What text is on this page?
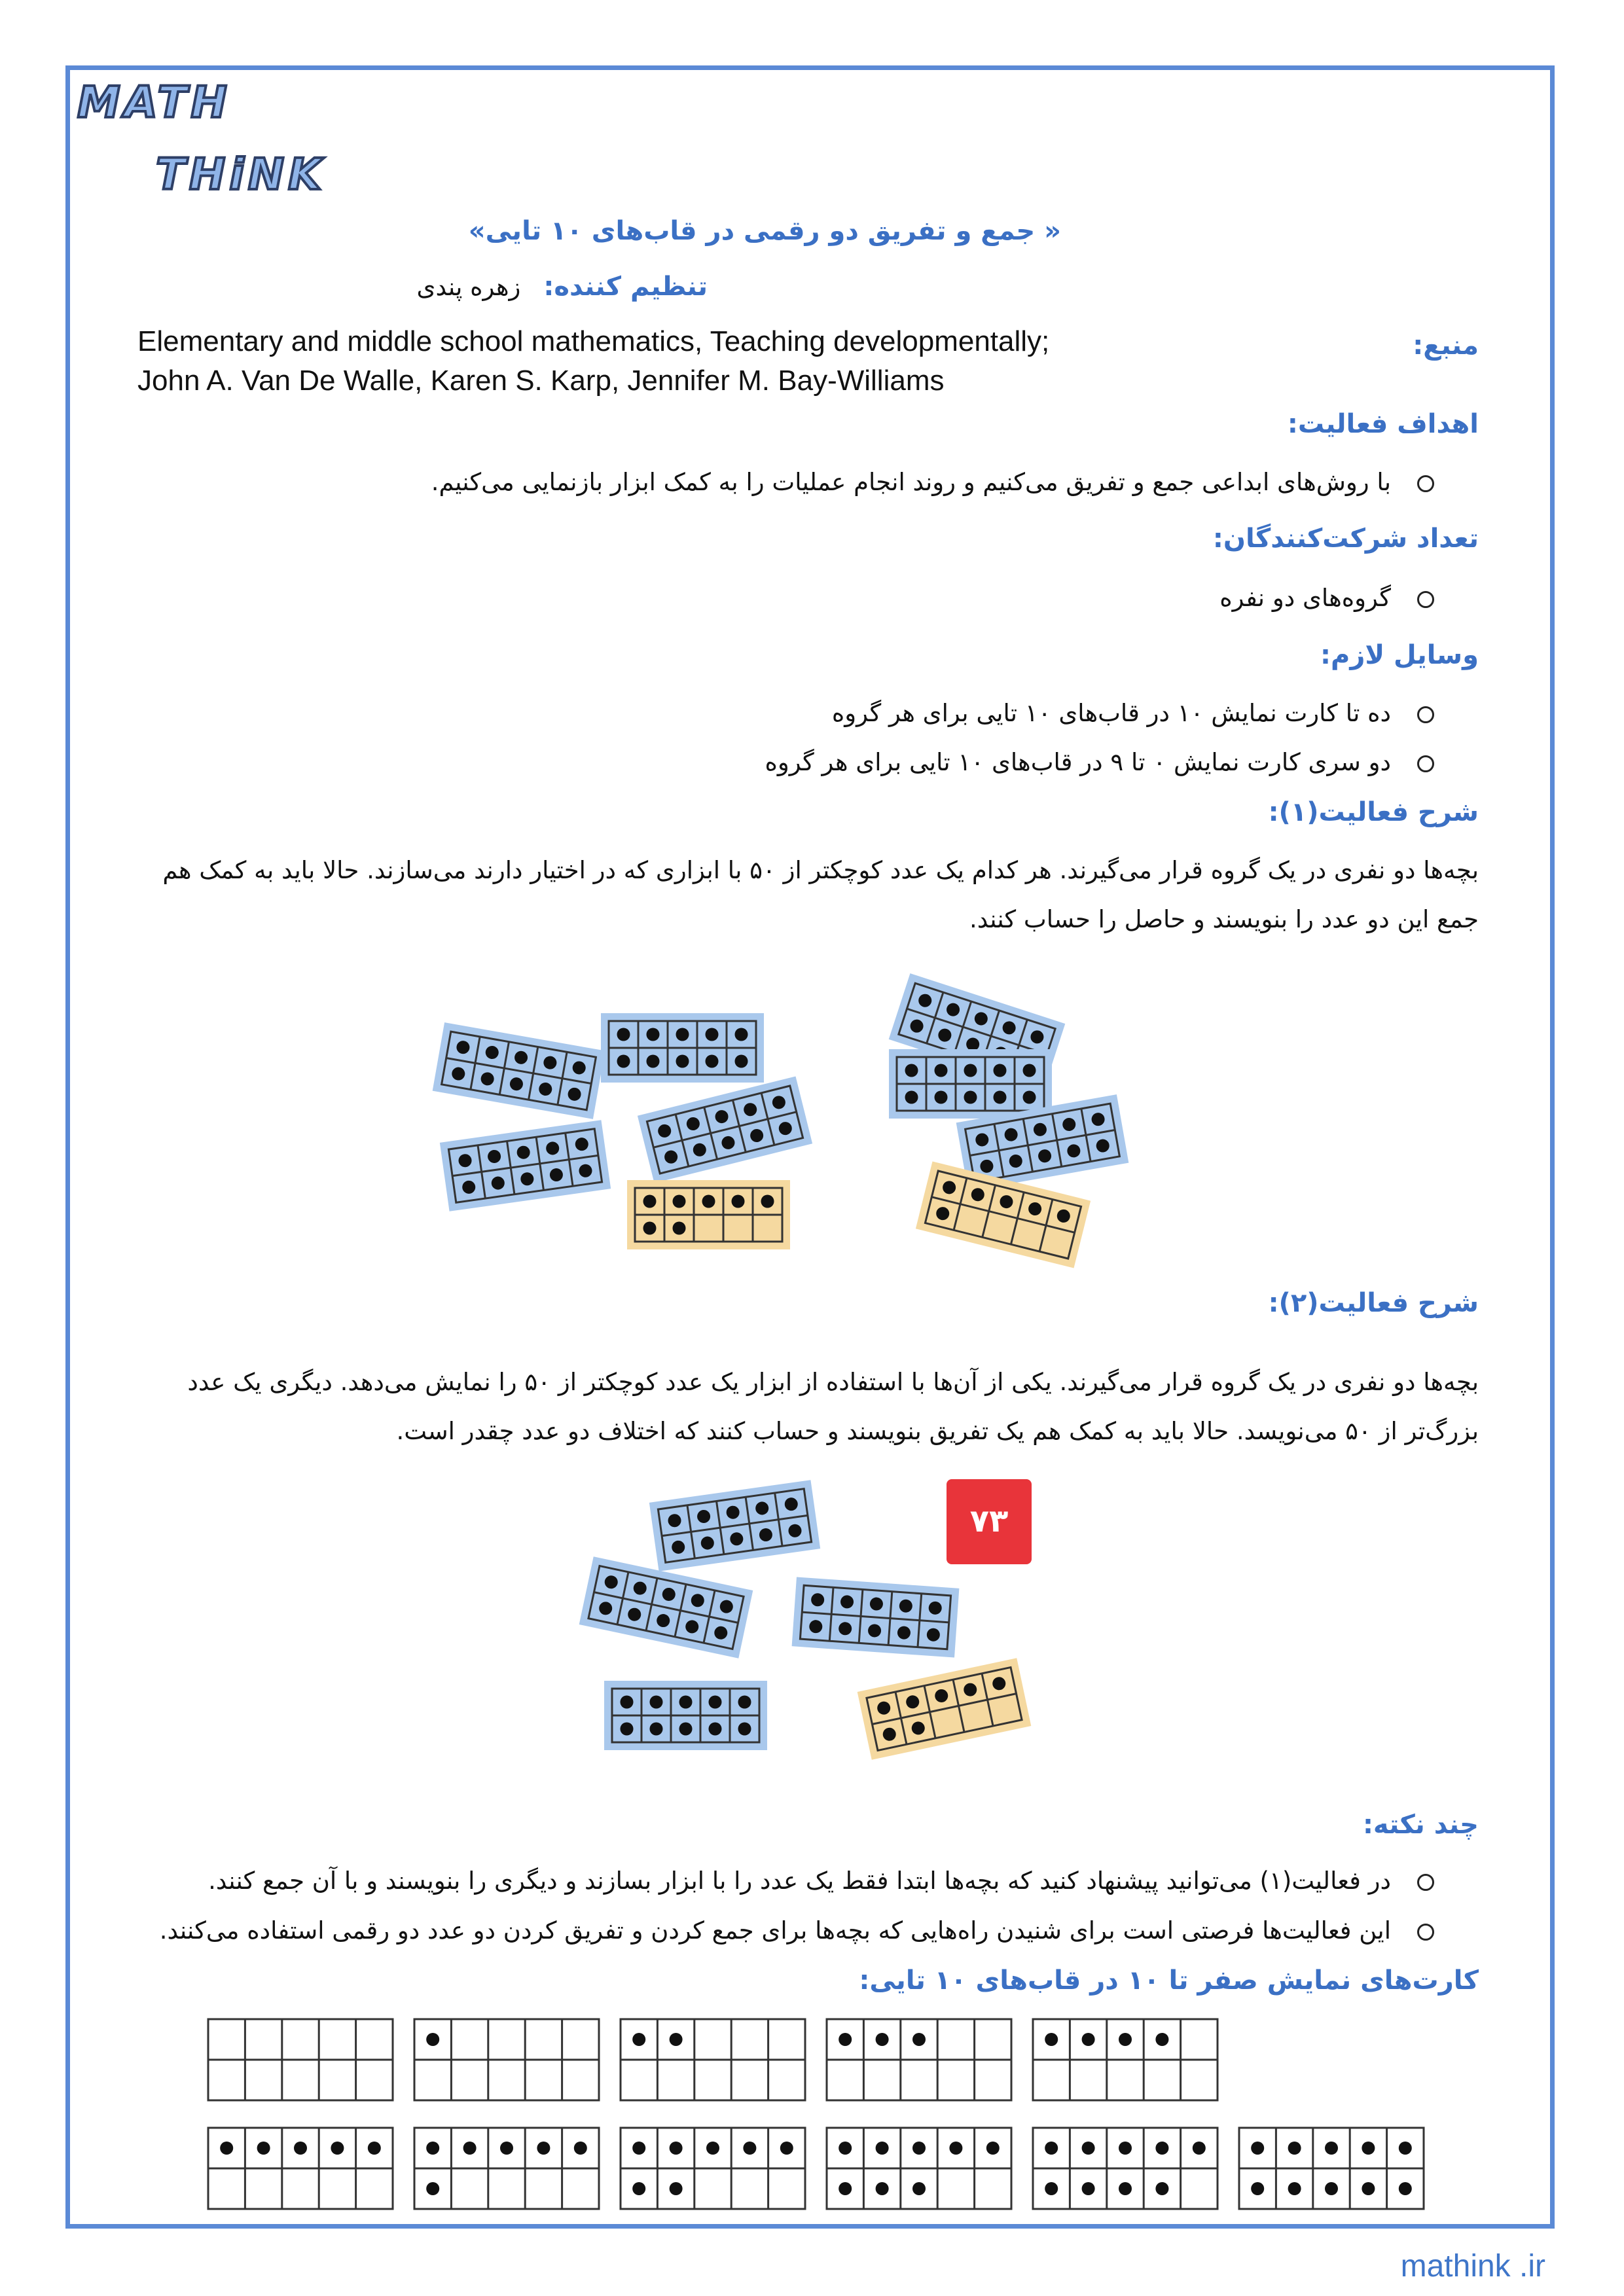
MATH
THiNK
« جمع و تفریق دو رقمی در قاب‌های ۱۰ تایی»
تنظیم کننده: زهره پندی
منبع:
Elementary and middle school mathematics, Teaching developmentally;
John A. Van De Walle, Karen S. Karp, Jennifer M. Bay-Williams
اهداف فعالیت:
با روش‌های ابداعی جمع و تفریق می‌کنیم و روند انجام عملیات را به کمک ابزار بازنمایی می‌کنیم.
تعداد شرکت‌کنندگان:
گروه‌های دو نفره
وسایل لازم:
ده تا کارت نمایش ۱۰ در قاب‌های ۱۰ تایی برای هر گروه
دو سری کارت نمایش ۰ تا ۹ در قاب‌های ۱۰ تایی برای هر گروه
شرح فعالیت(۱):
بچه‌ها دو نفری در یک گروه قرار می‌گیرند. هر کدام یک عدد کوچکتر از ۵۰ با ابزاری که در اختیار دارند می‌سازند. حالا باید به کمک هم
جمع این دو عدد را بنویسند و حاصل را حساب کنند.
شرح فعالیت(۲):
بچه‌ها دو نفری در یک گروه قرار می‌گیرند. یکی از آن‌ها با استفاده از ابزار یک عدد کوچکتر از ۵۰ را نمایش می‌دهد. دیگری یک عدد
بزرگ‌تر از ۵۰ می‌نویسد. حالا باید به کمک هم یک تفریق بنویسند و حساب کنند که اختلاف دو عدد چقدر است.
۷۳
چند نکته:
در فعالیت(۱) می‌توانید پیشنهاد کنید که بچه‌ها ابتدا فقط یک عدد را با ابزار بسازند و دیگری را بنویسند و با آن جمع کنند.
این فعالیت‌ها فرصتی است برای شنیدن راه‌هایی که بچه‌ها برای جمع کردن و تفریق کردن دو عدد دو رقمی استفاده می‌کنند.
کارت‌های نمایش صفر تا ۱۰ در قاب‌های ۱۰ تایی:
mathink .ir
